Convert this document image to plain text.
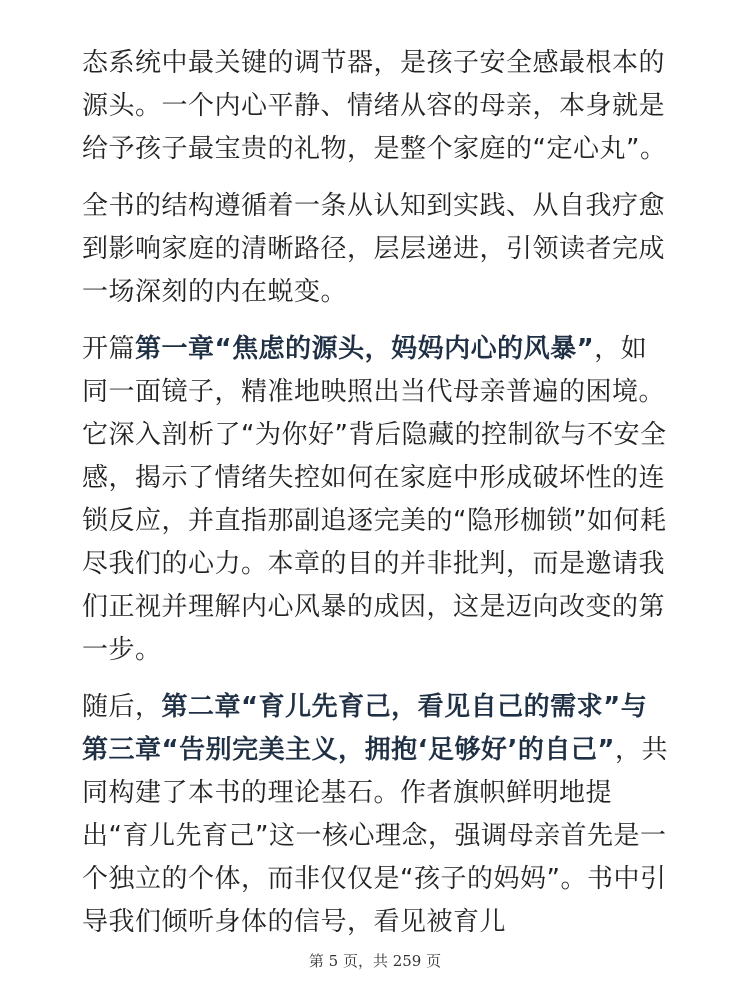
态系统中最关键的调节器，是孩子安全感最根本的源头。一个内心平静、情绪从容的母亲，本身就是给予孩子最宝贵的礼物，是整个家庭的“定心丸”。

全书的结构遵循着一条从认知到实践、从自我疗愈到影响家庭的清晰路径，层层递进，引领读者完成一场深刻的内在蜕变。

开篇第一章“焦虑的源头，妈妈内心的风暴”，如同一面镜子，精准地映照出当代母亲普遍的困境。它深入剖析了“为你好”背后隐藏的控制欲与不安全感，揭示了情绪失控如何在家庭中形成破坏性的连锁反应，并直指那副追逐完美的“隐形枷锁”如何耗尽我们的心力。本章的目的并非批判，而是邀请我们正视并理解内心风暴的成因，这是迈向改变的第一步。

随后，第二章“育儿先育己，看见自己的需求”与第三章“告别完美主义，拥抱‘足够好’的自己”，共同构建了本书的理论基石。作者旗帜鲜明地提出“育儿先育己”这一核心理念，强调母亲首先是一个独立的个体，而非仅仅是“孩子的妈妈”。书中引导我们倾听身体的信号，看见被育儿

第 5 页，共 259 页
